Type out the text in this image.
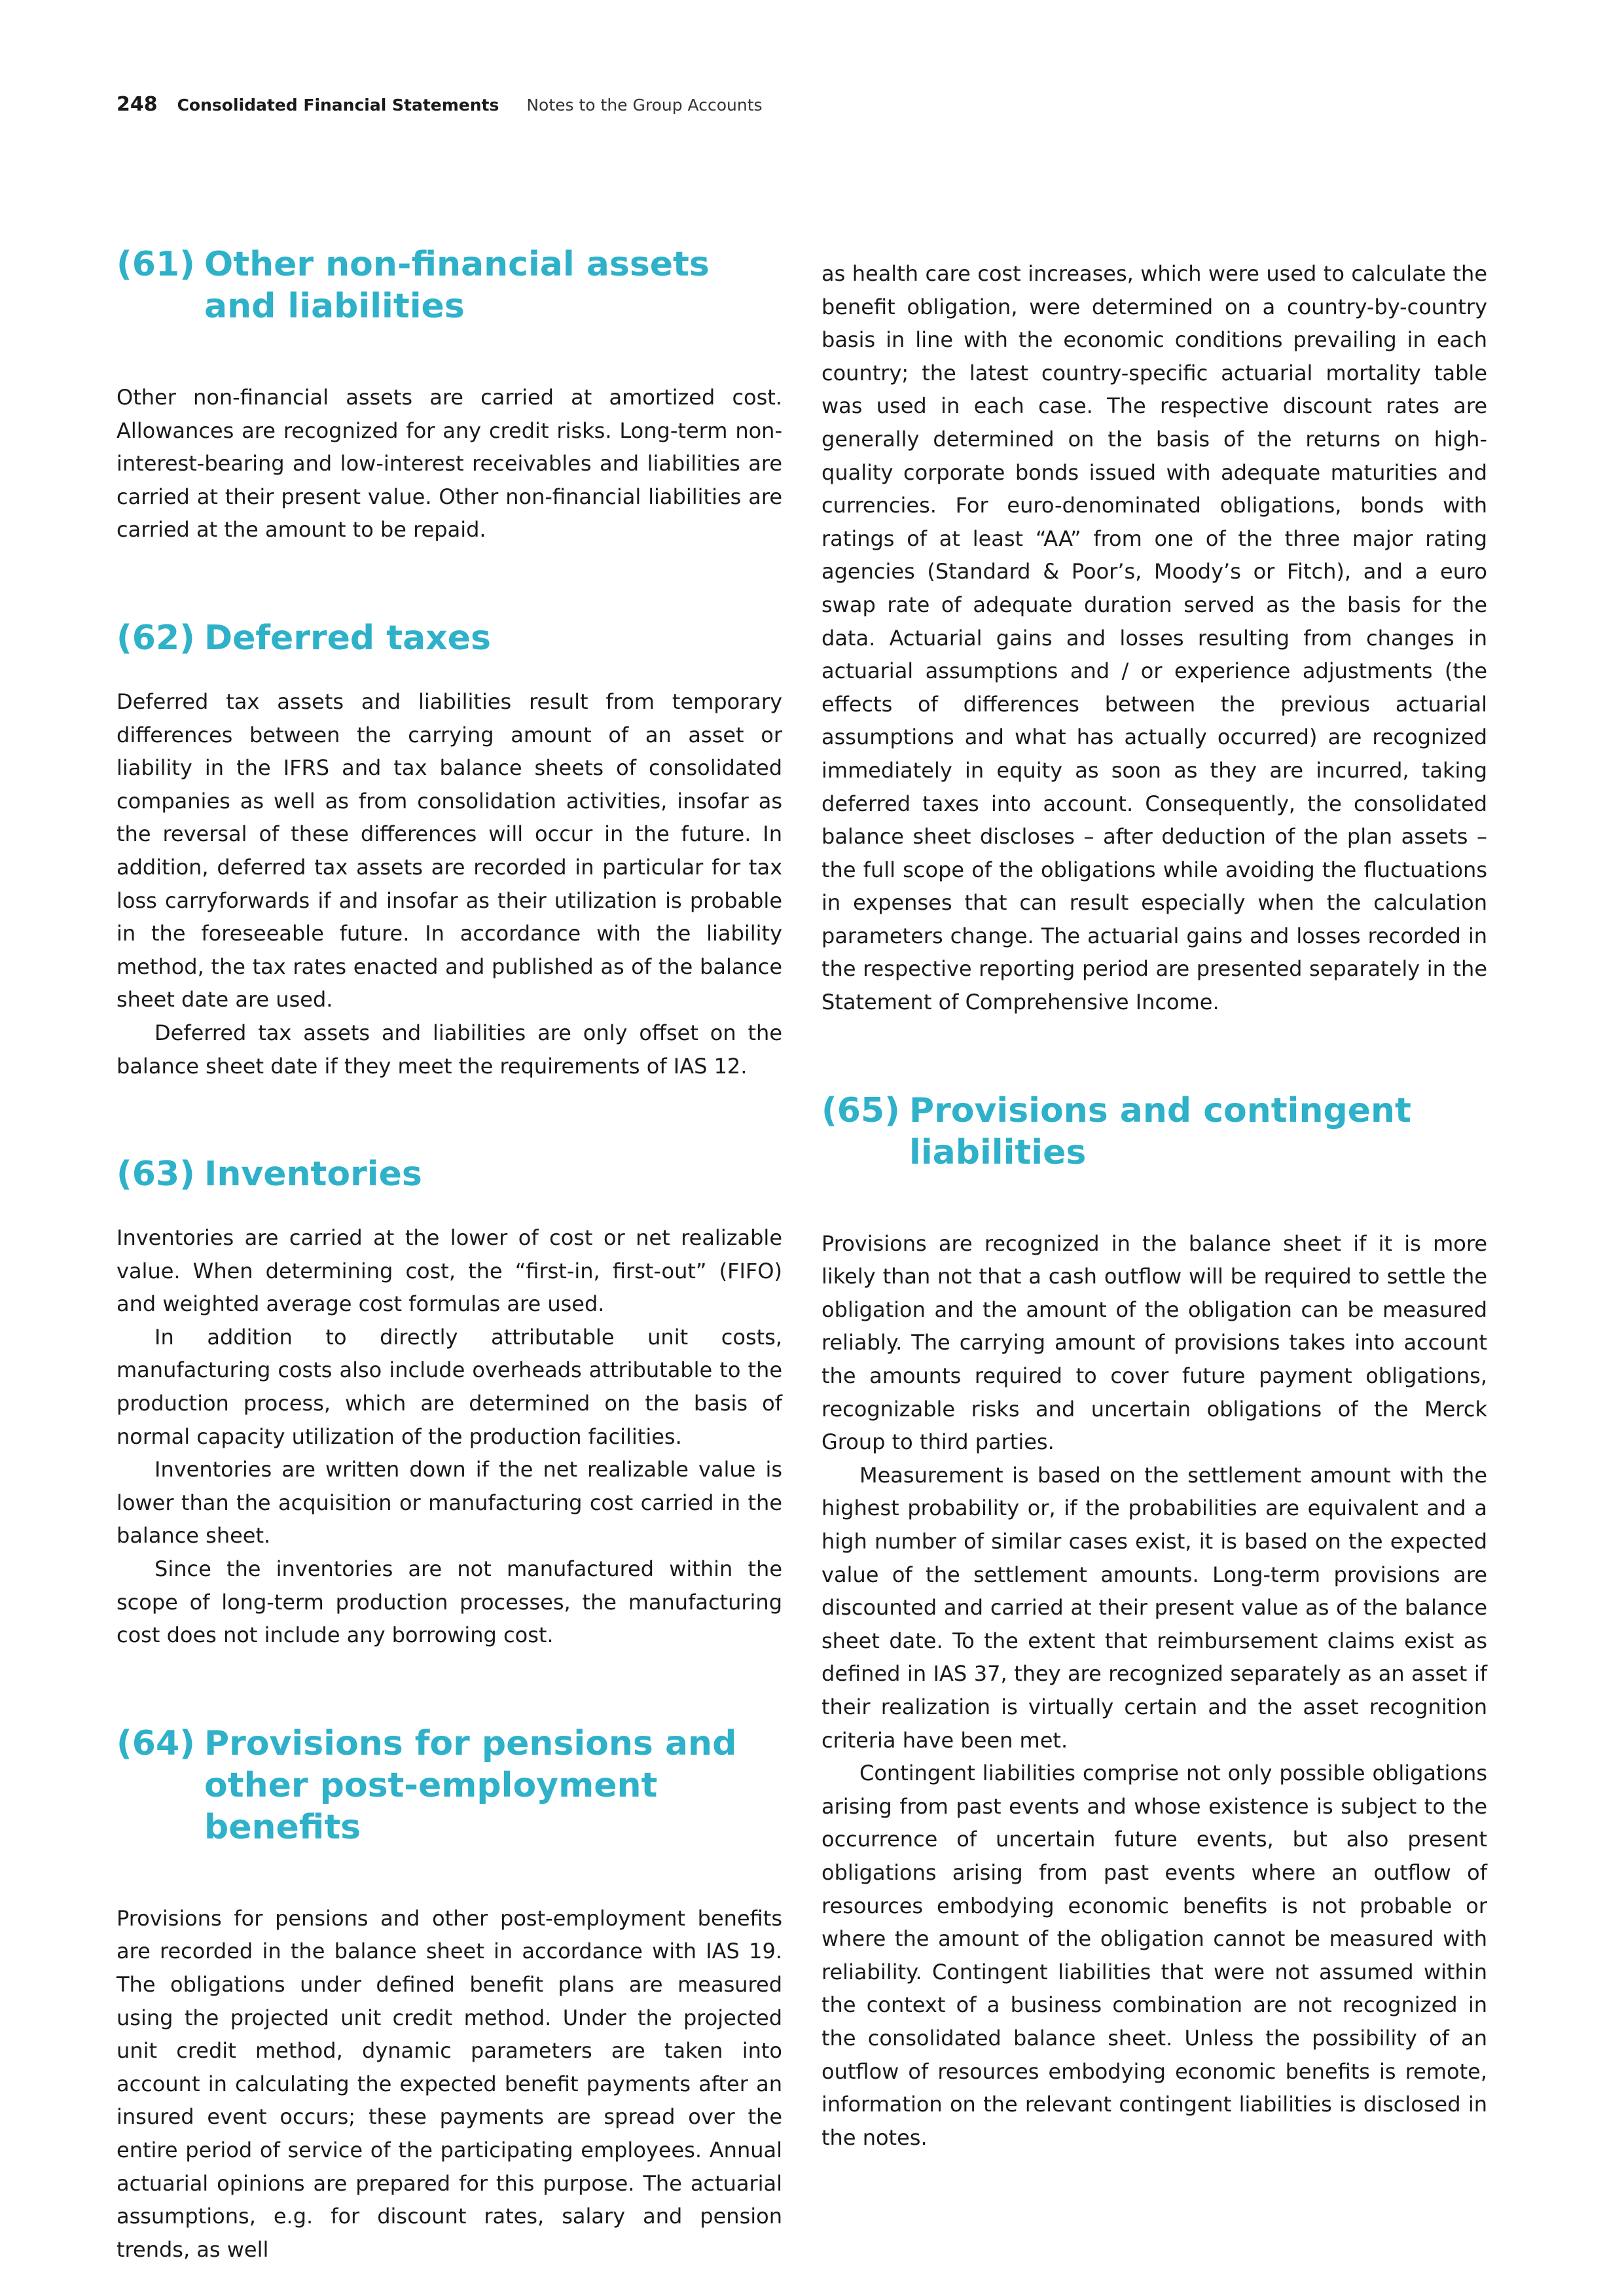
248 Consolidated Financial Statements Notes to the Group Accounts
(61) Other non-financial assets and liabilities

Other non-financial assets are carried at amortized cost. Allowances are recognized for any credit risks. Long-term non-interest-bearing and low-interest receivables and liabilities are carried at their present value. Other non-financial liabilities are carried at the amount to be repaid.

(62) Deferred taxes

Deferred tax assets and liabilities result from temporary differences between the carrying amount of an asset or liability in the IFRS and tax balance sheets of consolidated companies as well as from consolidation activities, insofar as the reversal of these differences will occur in the future. In addition, deferred tax assets are recorded in particular for tax loss carryforwards if and insofar as their utilization is probable in the foreseeable future. In accordance with the liability method, the tax rates enacted and published as of the balance sheet date are used.

Deferred tax assets and liabilities are only offset on the balance sheet date if they meet the requirements of IAS 12.

(63) Inventories

Inventories are carried at the lower of cost or net realizable value. When determining cost, the “first-in, first-out” (FIFO) and weighted average cost formulas are used.

In addition to directly attributable unit costs, manufacturing costs also include overheads attributable to the production process, which are determined on the basis of normal capacity utilization of the production facilities.

Inventories are written down if the net realizable value is lower than the acquisition or manufacturing cost carried in the balance sheet.

Since the inventories are not manufactured within the scope of long-term production processes, the manufacturing cost does not include any borrowing cost.

(64) Provisions for pensions and other post-employment benefits

Provisions for pensions and other post-employment benefits are recorded in the balance sheet in accordance with IAS 19. The obligations under defined benefit plans are measured using the projected unit credit method. Under the projected unit credit method, dynamic parameters are taken into account in calculating the expected benefit payments after an insured event occurs; these payments are spread over the entire period of service of the participating employees. Annual actuarial opinions are prepared for this purpose. The actuarial assumptions, e.g. for discount rates, salary and pension trends, as well

as health care cost increases, which were used to calculate the benefit obligation, were determined on a country-by-country basis in line with the economic conditions prevailing in each country; the latest country-specific actuarial mortality table was used in each case. The respective discount rates are generally determined on the basis of the returns on high-quality corporate bonds issued with adequate maturities and currencies. For euro-denominated obligations, bonds with ratings of at least “AA” from one of the three major rating agencies (Standard & Poor’s, Moody’s or Fitch), and a euro swap rate of adequate duration served as the basis for the data. Actuarial gains and losses resulting from changes in actuarial assumptions and / or experience adjustments (the effects of differences between the previous actuarial assumptions and what has actually occurred) are recognized immediately in equity as soon as they are incurred, taking deferred taxes into account. Consequently, the consolidated balance sheet discloses – after deduction of the plan assets – the full scope of the obligations while avoiding the fluctuations in expenses that can result especially when the calculation parameters change. The actuarial gains and losses recorded in the respective reporting period are presented separately in the Statement of Comprehensive Income.

(65) Provisions and contingent liabilities

Provisions are recognized in the balance sheet if it is more likely than not that a cash outflow will be required to settle the obligation and the amount of the obligation can be measured reliably. The carrying amount of provisions takes into account the amounts required to cover future payment obligations, recognizable risks and uncertain obligations of the Merck Group to third parties.

Measurement is based on the settlement amount with the highest probability or, if the probabilities are equivalent and a high number of similar cases exist, it is based on the expected value of the settlement amounts. Long-term provisions are discounted and carried at their present value as of the balance sheet date. To the extent that reimbursement claims exist as defined in IAS 37, they are recognized separately as an asset if their realization is virtually certain and the asset recognition criteria have been met.

Contingent liabilities comprise not only possible obligations arising from past events and whose existence is subject to the occurrence of uncertain future events, but also present obligations arising from past events where an outflow of resources embodying economic benefits is not probable or where the amount of the obligation cannot be measured with reliability. Contingent liabilities that were not assumed within the context of a business combination are not recognized in the consolidated balance sheet. Unless the possibility of an outflow of resources embodying economic benefits is remote, information on the relevant contingent liabilities is disclosed in the notes.
